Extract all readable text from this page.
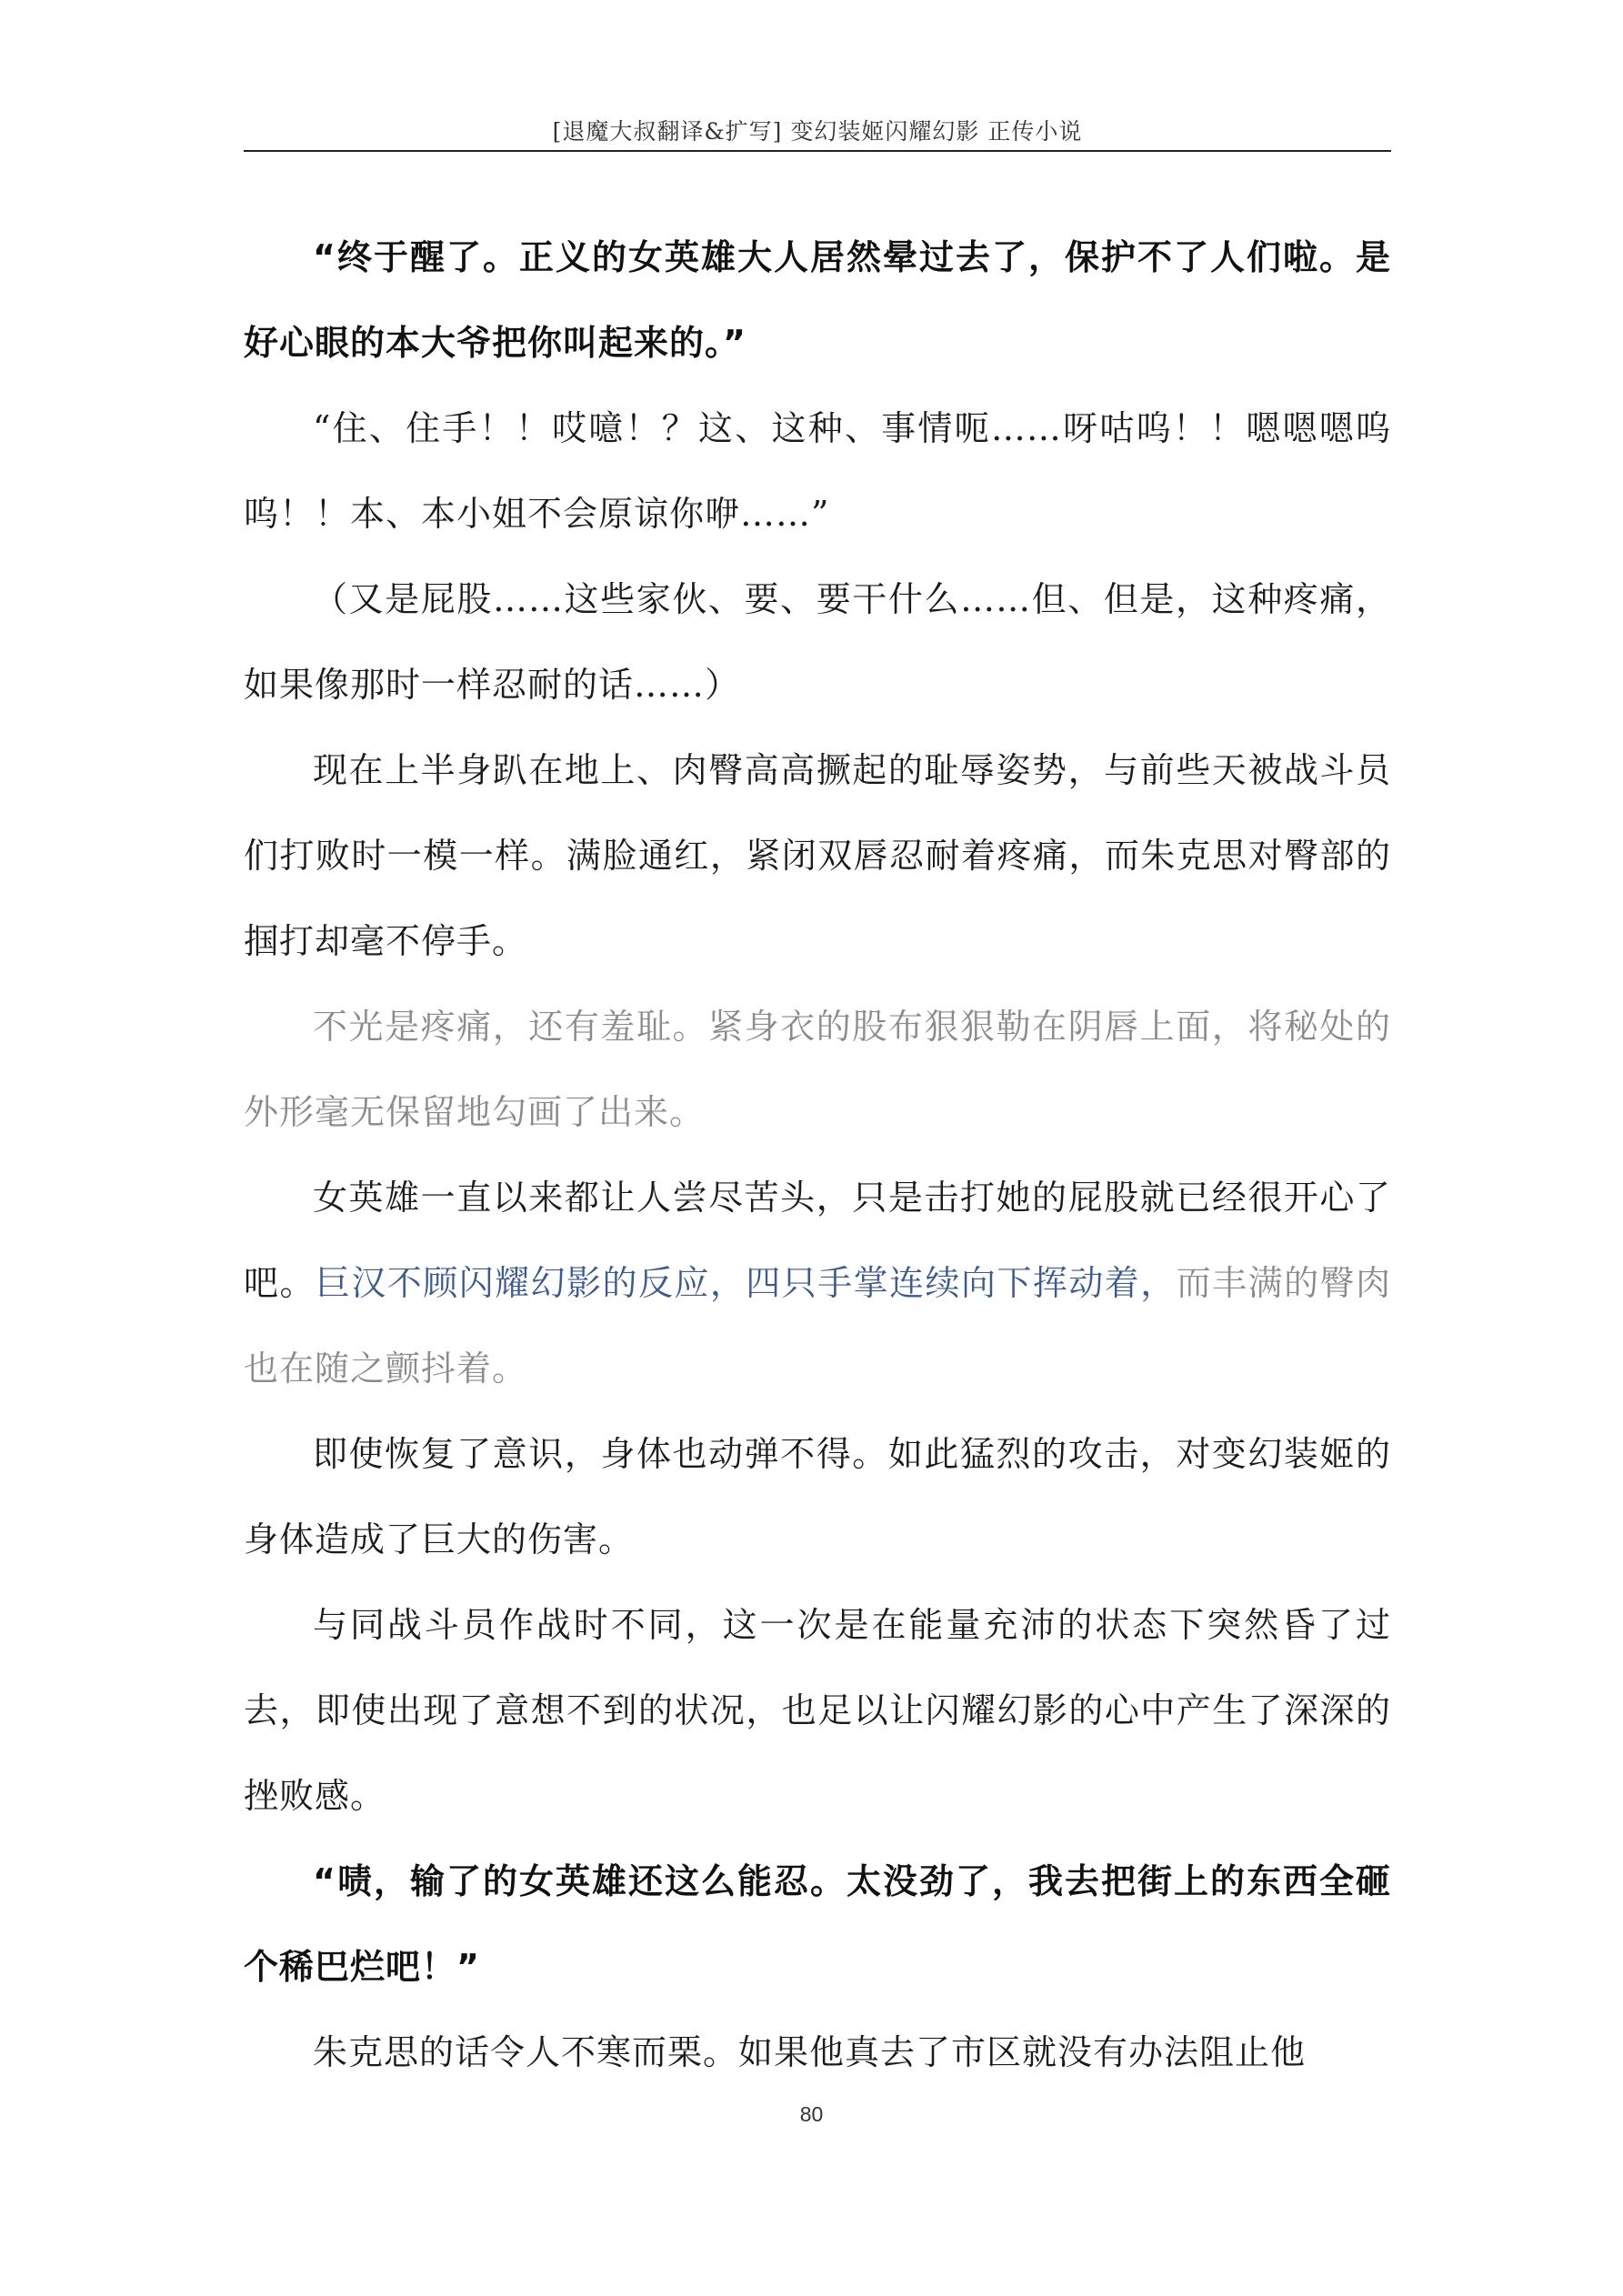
[退魔大叔翻译&扩写] 变幻装姬闪耀幻影 正传小说

“终于醒了。正义的女英雄大人居然晕过去了，保护不了人们啦。是好心眼的本大爷把你叫起来的。”

“住、住手！！哎噫！？这、这种、事情呃……呀咕呜！！嗯嗯嗯呜呜！！本、本小姐不会原谅你咿……”

（又是屁股……这些家伙、要、要干什么……但、但是，这种疼痛，如果像那时一样忍耐的话……）

现在上半身趴在地上、肉臀高高撅起的耻辱姿势，与前些天被战斗员们打败时一模一样。满脸通红，紧闭双唇忍耐着疼痛，而朱克思对臀部的掴打却毫不停手。

不光是疼痛，还有羞耻。紧身衣的股布狠狠勒在阴唇上面，将秘处的外形毫无保留地勾画了出来。

女英雄一直以来都让人尝尽苦头，只是击打她的屁股就已经很开心了吧。巨汉不顾闪耀幻影的反应，四只手掌连续向下挥动着，而丰满的臀肉也在随之颤抖着。

即使恢复了意识，身体也动弹不得。如此猛烈的攻击，对变幻装姬的身体造成了巨大的伤害。

与同战斗员作战时不同，这一次是在能量充沛的状态下突然昏了过去，即使出现了意想不到的状况，也足以让闪耀幻影的心中产生了深深的挫败感。

“啧，输了的女英雄还这么能忍。太没劲了，我去把街上的东西全砸个稀巴烂吧！”

朱克思的话令人不寒而栗。如果他真去了市区就没有办法阻止他

80
